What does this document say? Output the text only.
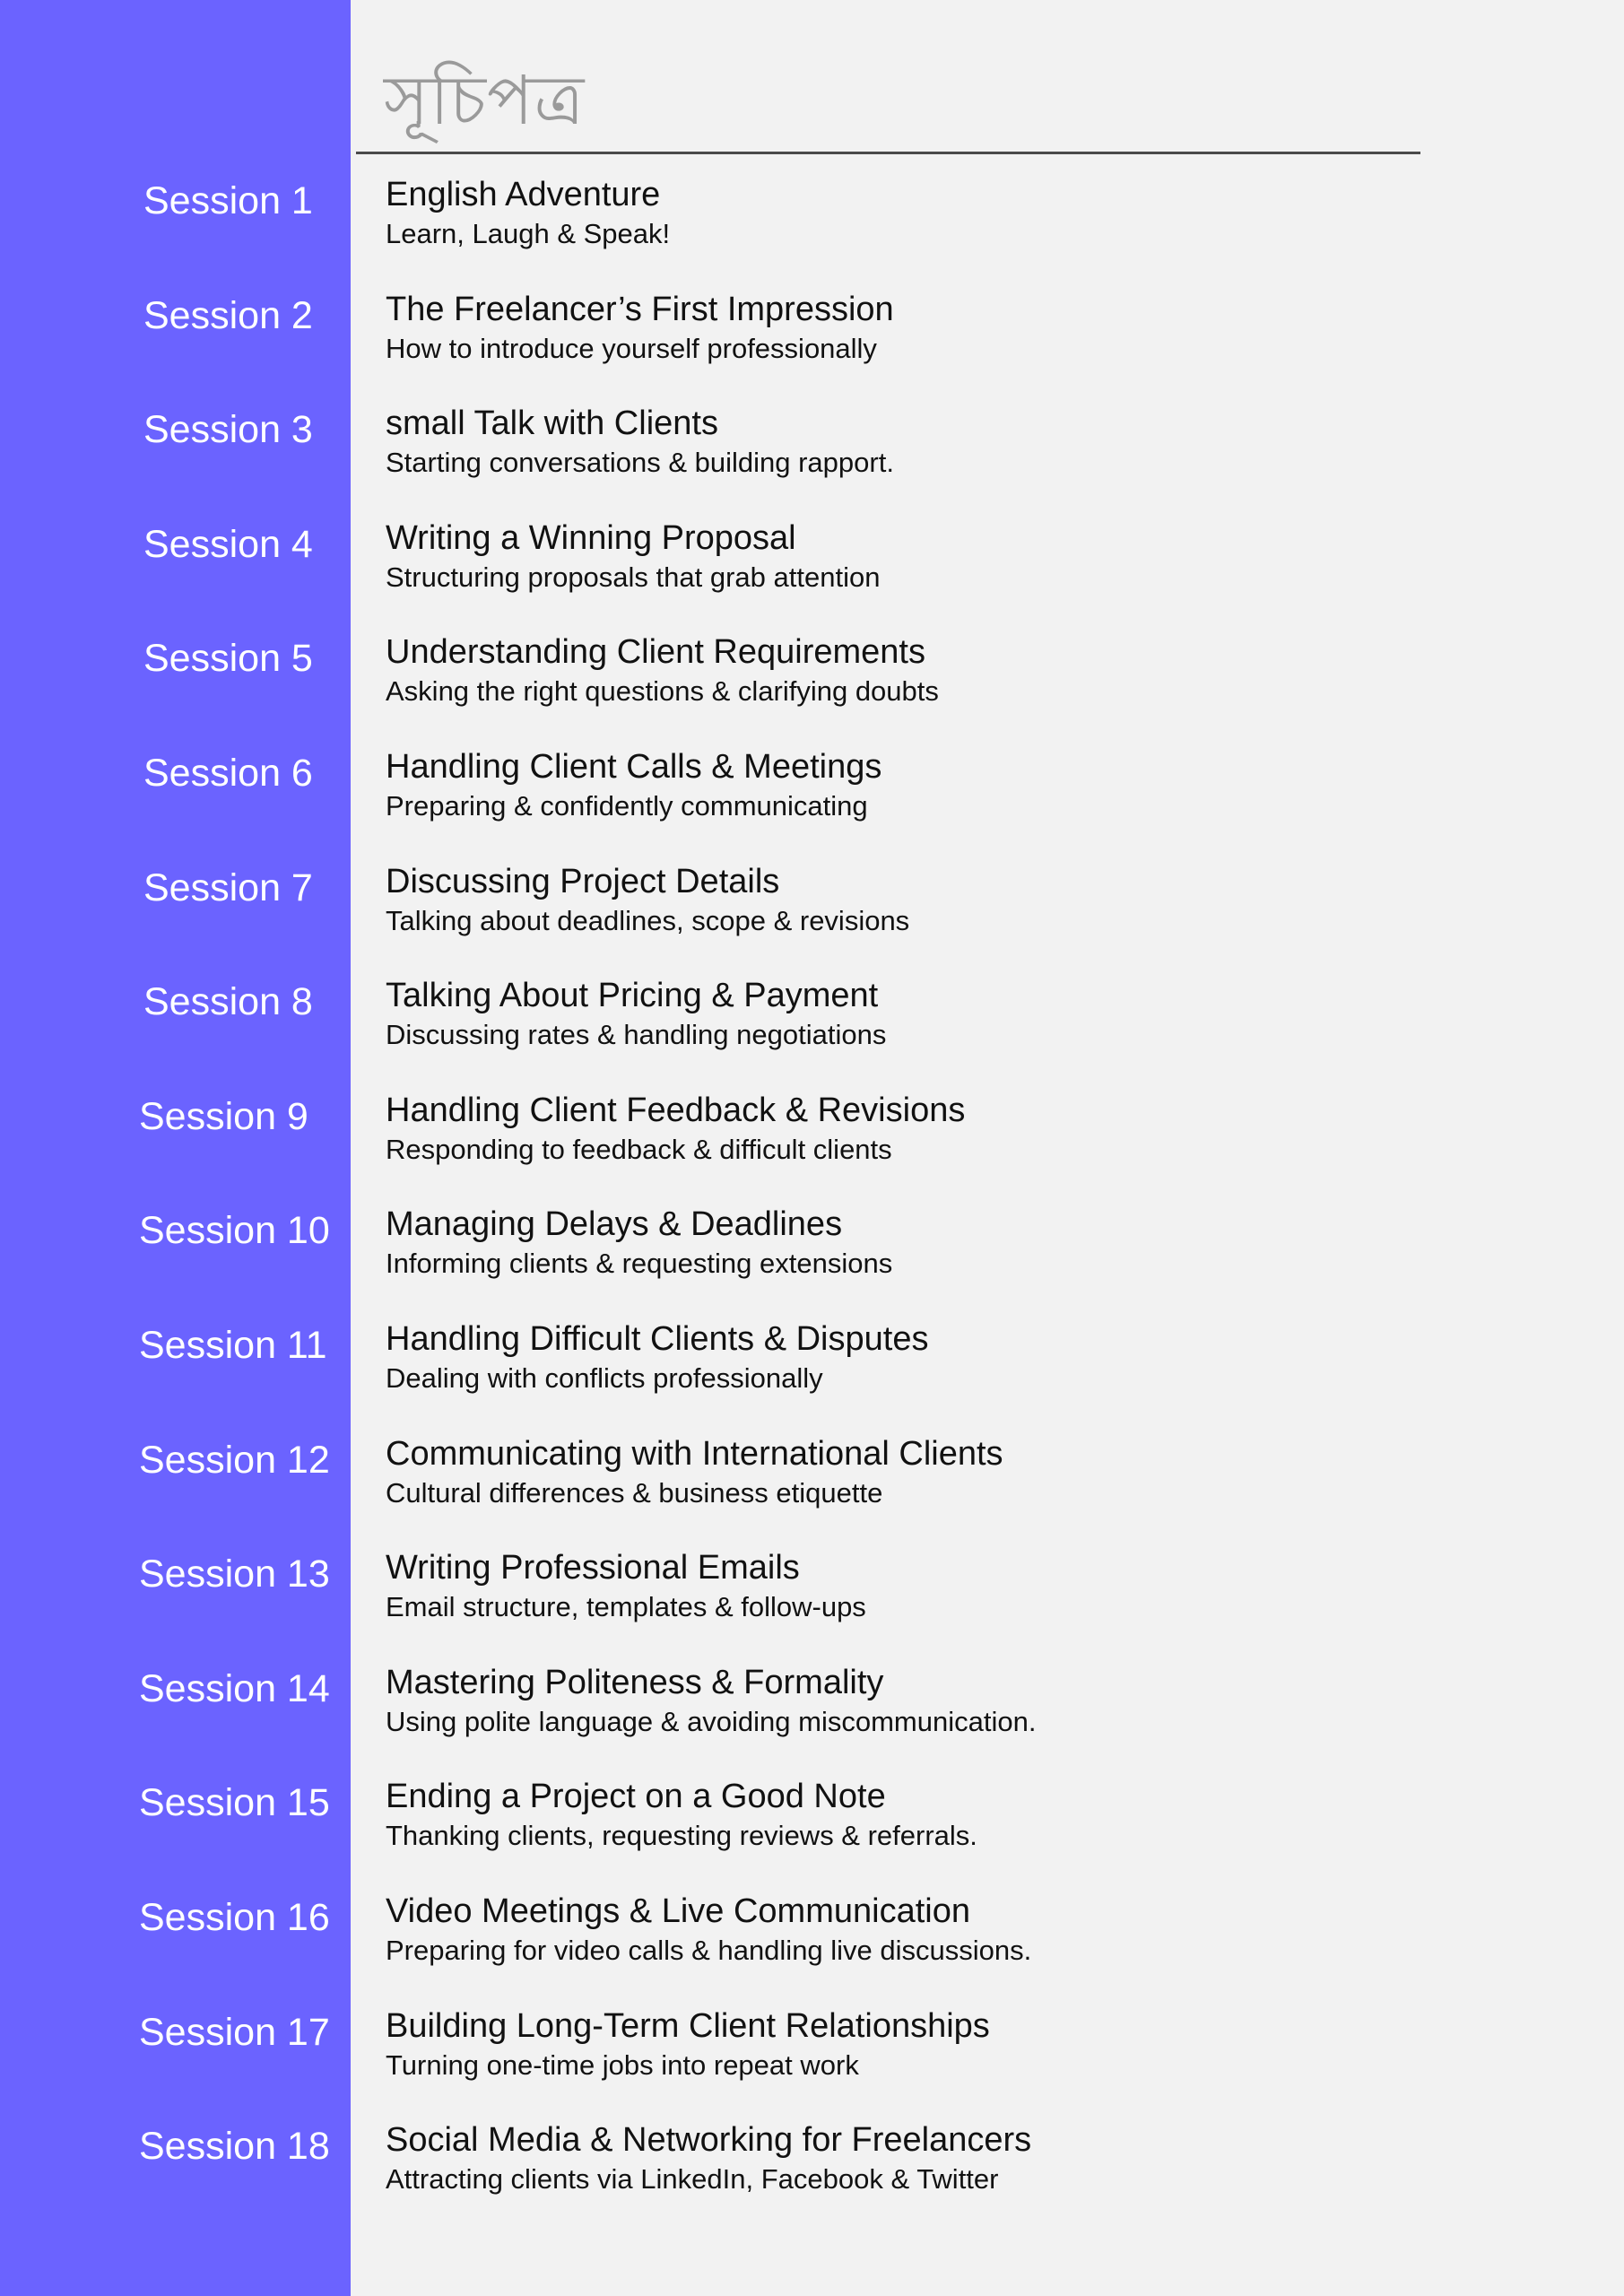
সূচিপত্র
Session 1	English Adventure
Learn, Laugh & Speak!
Session 2	The Freelancer’s First Impression
How to introduce yourself professionally
Session 3	small Talk with Clients
Starting conversations & building rapport.
Session 4	Writing a Winning Proposal
Structuring proposals that grab attention
Session 5	Understanding Client Requirements
Asking the right questions & clarifying doubts
Session 6	Handling Client Calls & Meetings
Preparing & confidently communicating
Session 7	Discussing Project Details
Talking about deadlines, scope & revisions
Session 8	Talking About Pricing & Payment
Discussing rates & handling negotiations
Session 9	Handling Client Feedback & Revisions
Responding to feedback & difficult clients
Session 10	Managing Delays & Deadlines
Informing clients & requesting extensions
Session 11	Handling Difficult Clients & Disputes
Dealing with conflicts professionally
Session 12	Communicating with International Clients
Cultural differences & business etiquette
Session 13	Writing Professional Emails
Email structure, templates & follow-ups
Session 14	Mastering Politeness & Formality
Using polite language & avoiding miscommunication.
Session 15	Ending a Project on a Good Note
Thanking clients, requesting reviews & referrals.
Session 16	Video Meetings & Live Communication
Preparing for video calls & handling live discussions.
Session 17	Building Long-Term Client Relationships
Turning one-time jobs into repeat work
Session 18	Social Media & Networking for Freelancers
Attracting clients via LinkedIn, Facebook & Twitter
